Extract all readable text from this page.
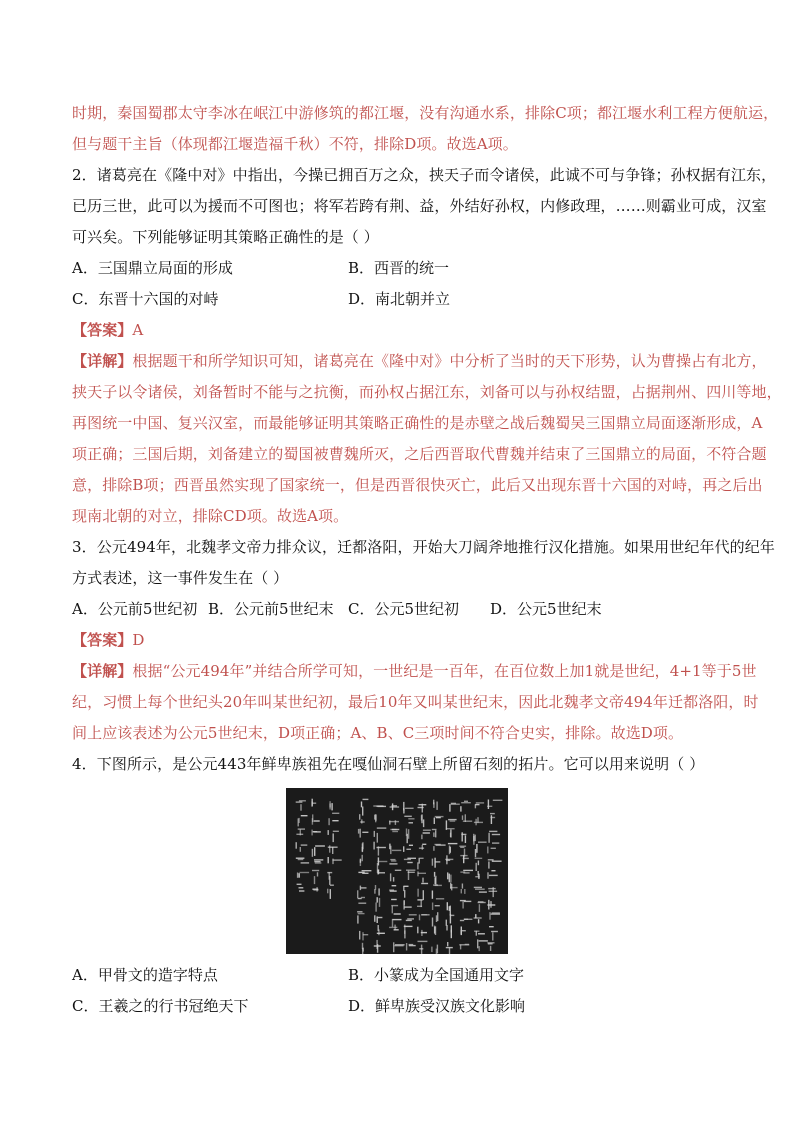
时期，秦国蜀郡太守李冰在岷江中游修筑的都江堰，没有沟通水系，排除C项；都江堰水利工程方便航运，
但与题干主旨（体现都江堰造福千秋）不符，排除D项。故选A项。
2．诸葛亮在《隆中对》中指出，今操已拥百万之众，挟天子而令诸侯，此诚不可与争锋；孙权据有江东，
已历三世，此可以为援而不可图也；将军若跨有荆、益，外结好孙权，内修政理，……则霸业可成，汉室
可兴矣。下列能够证明其策略正确性的是（ ）
A．三国鼎立局面的形成	B．西晋的统一
C．东晋十六国的对峙	D．南北朝并立
【答案】A
【详解】根据题干和所学知识可知，诸葛亮在《隆中对》中分析了当时的天下形势，认为曹操占有北方，
挟天子以令诸侯，刘备暂时不能与之抗衡，而孙权占据江东，刘备可以与孙权结盟，占据荆州、四川等地，
再图统一中国、复兴汉室，而最能够证明其策略正确性的是赤壁之战后魏蜀吴三国鼎立局面逐渐形成，A
项正确；三国后期，刘备建立的蜀国被曹魏所灭，之后西晋取代曹魏并结束了三国鼎立的局面，不符合题
意，排除B项；西晋虽然实现了国家统一，但是西晋很快灭亡，此后又出现东晋十六国的对峙，再之后出
现南北朝的对立，排除CD项。故选A项。
3．公元494年，北魏孝文帝力排众议，迁都洛阳，开始大刀阔斧地推行汉化措施。如果用世纪年代的纪年
方式表述，这一事件发生在（ ）
A．公元前5世纪初 B．公元前5世纪末 C．公元5世纪初	D．公元5世纪末
【答案】D
【详解】根据“公元494年”并结合所学可知，一世纪是一百年，在百位数上加1就是世纪，4+1等于5世
纪，习惯上每个世纪头20年叫某世纪初，最后10年又叫某世纪末，因此北魏孝文帝494年迁都洛阳，时
间上应该表述为公元5世纪末，D项正确；A、B、C三项时间不符合史实，排除。故选D项。
4．下图所示，是公元443年鲜卑族祖先在嘎仙洞石壁上所留石刻的拓片。它可以用来说明（ ）
A．甲骨文的造字特点	B．小篆成为全国通用文字
C．王羲之的行书冠绝天下	D．鲜卑族受汉族文化影响
